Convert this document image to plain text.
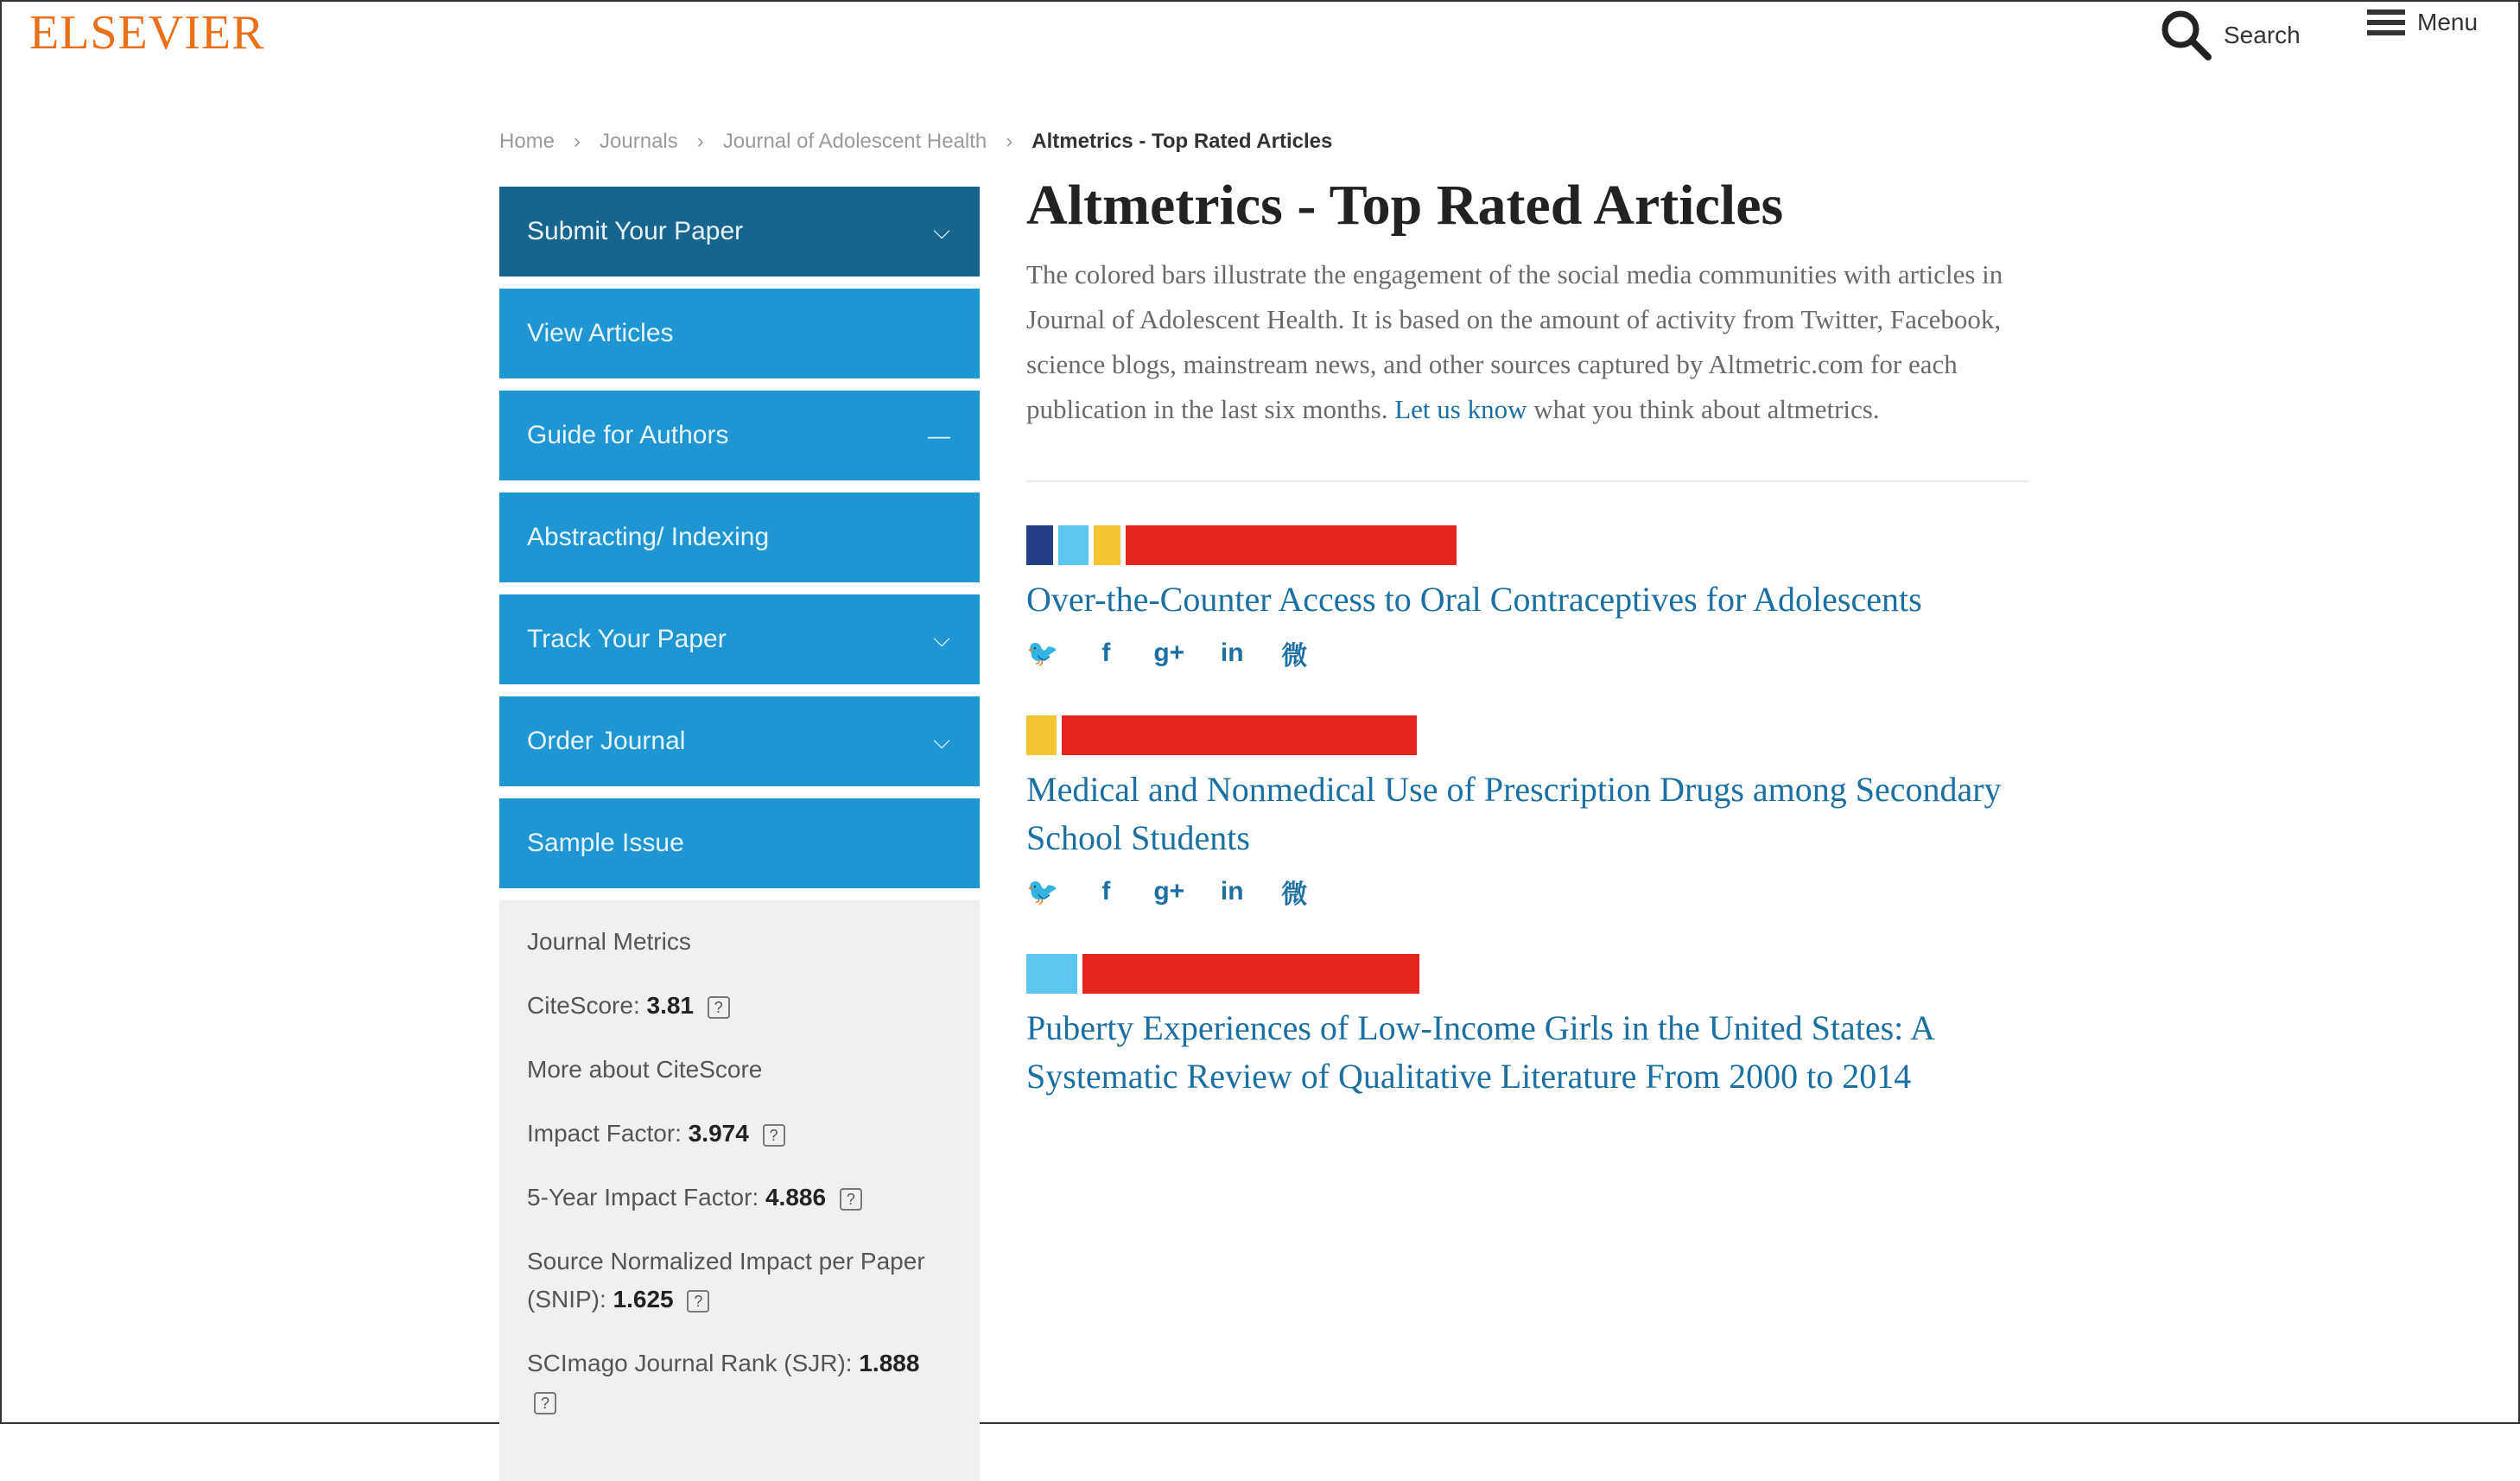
ELSEVIER	Search	Menu
Home › Journals › Journal of Adolescent Health › Altmetrics - Top Rated Articles
Submit Your Paper	⌵
View Articles
Guide for Authors	—
Abstracting/ Indexing
Track Your Paper	⌵
Order Journal	⌵
Sample Issue
Journal Metrics
CiteScore: 3.81 ?
More about CiteScore
Impact Factor: 3.974 ?
5-Year Impact Factor: 4.886 ?
Source Normalized Impact per Paper (SNIP): 1.625 ?
SCImago Journal Rank (SJR): 1.888 ?
Altmetrics - Top Rated Articles
The colored bars illustrate the engagement of the social media communities with articles in Journal of Adolescent Health. It is based on the amount of activity from Twitter, Facebook, science blogs, mainstream news, and other sources captured by Altmetric.com for each publication in the last six months. Let us know what you think about altmetrics.
Over-the-Counter Access to Oral Contraceptives for Adolescents
🐦	f	g+ in 微
Medical and Nonmedical Use of Prescription Drugs among Secondary School Students
🐦	f	g+ in 微
Puberty Experiences of Low-Income Girls in the United States: A Systematic Review of Qualitative Literature From 2000 to 2014
